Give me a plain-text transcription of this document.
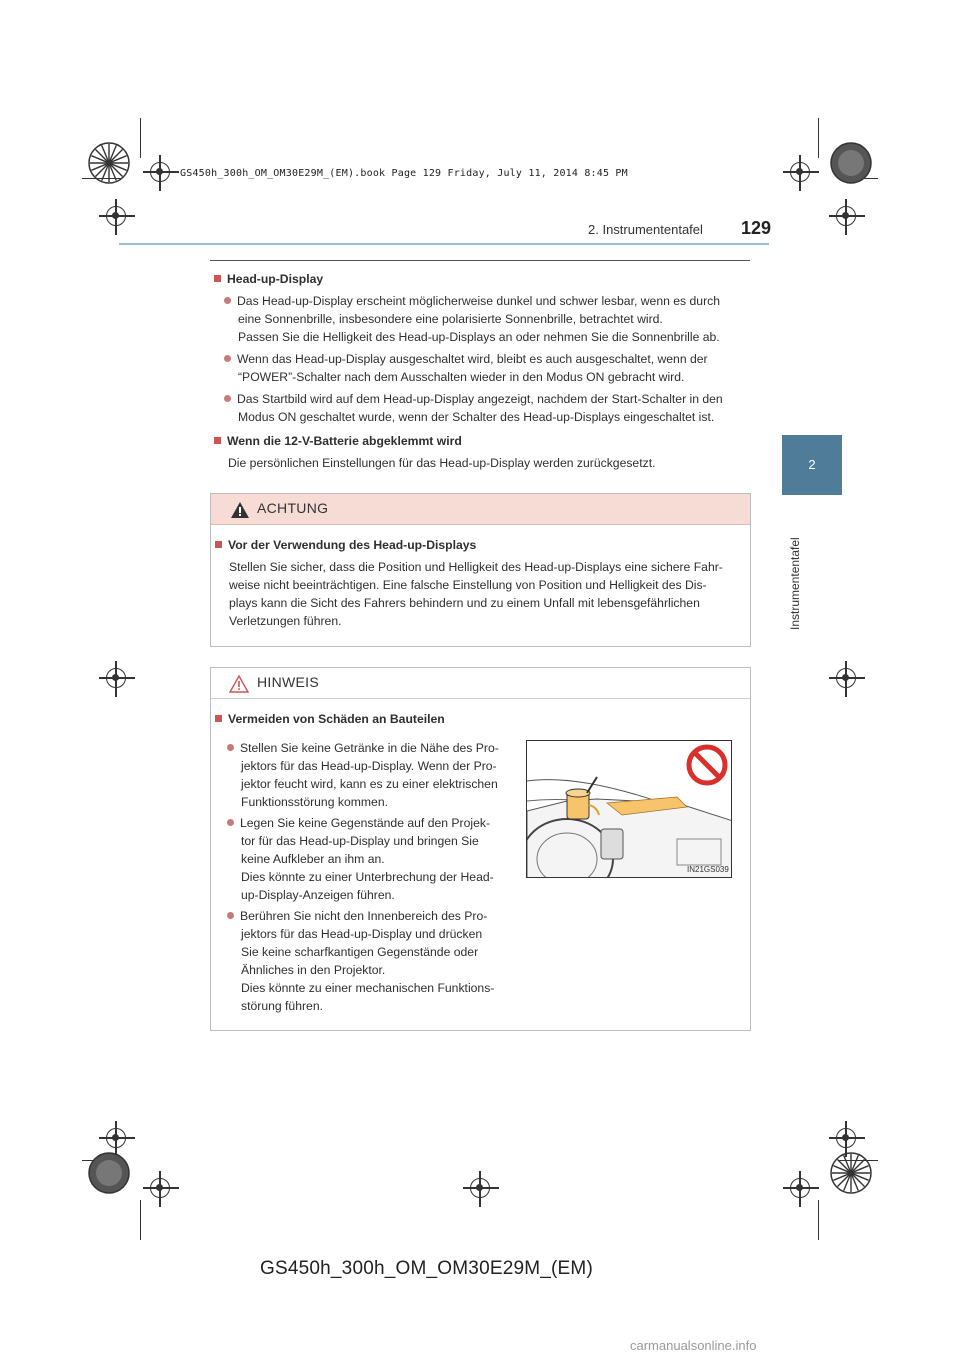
GS450h_300h_OM_OM30E29M_(EM).book Page 129 Friday, July 11, 2014 8:45 PM
2. Instrumententafel 129
2
Instrumententafel
Head-up-Display
Das Head-up-Display erscheint möglicherweise dunkel und schwer lesbar, wenn es durch
eine Sonnenbrille, insbesondere eine polarisierte Sonnenbrille, betrachtet wird.
Passen Sie die Helligkeit des Head-up-Displays an oder nehmen Sie die Sonnenbrille ab.
Wenn das Head-up-Display ausgeschaltet wird, bleibt es auch ausgeschaltet, wenn der
“POWER”-Schalter nach dem Ausschalten wieder in den Modus ON gebracht wird.
Das Startbild wird auf dem Head-up-Display angezeigt, nachdem der Start-Schalter in den
Modus ON geschaltet wurde, wenn der Schalter des Head-up-Displays eingeschaltet ist.
Wenn die 12-V-Batterie abgeklemmt wird
Die persönlichen Einstellungen für das Head-up-Display werden zurückgesetzt.
ACHTUNG
Vor der Verwendung des Head-up-Displays
Stellen Sie sicher, dass die Position und Helligkeit des Head-up-Displays eine sichere Fahr-
weise nicht beeinträchtigen. Eine falsche Einstellung von Position und Helligkeit des Dis-
plays kann die Sicht des Fahrers behindern und zu einem Unfall mit lebensgefährlichen
Verletzungen führen.
HINWEIS
Vermeiden von Schäden an Bauteilen
Stellen Sie keine Getränke in die Nähe des Pro-
jektors für das Head-up-Display. Wenn der Pro-
jektor feucht wird, kann es zu einer elektrischen
Funktionsstörung kommen.
Legen Sie keine Gegenstände auf den Projek-
tor für das Head-up-Display und bringen Sie
keine Aufkleber an ihm an.
Dies könnte zu einer Unterbrechung der Head-
up-Display-Anzeigen führen.
Berühren Sie nicht den Innenbereich des Pro-
jektors für das Head-up-Display und drücken
Sie keine scharfkantigen Gegenstände oder
Ähnliches in den Projektor.
Dies könnte zu einer mechanischen Funktions-
störung führen.
IN21GS039
GS450h_300h_OM_OM30E29M_(EM)
carmanualsonline.info
